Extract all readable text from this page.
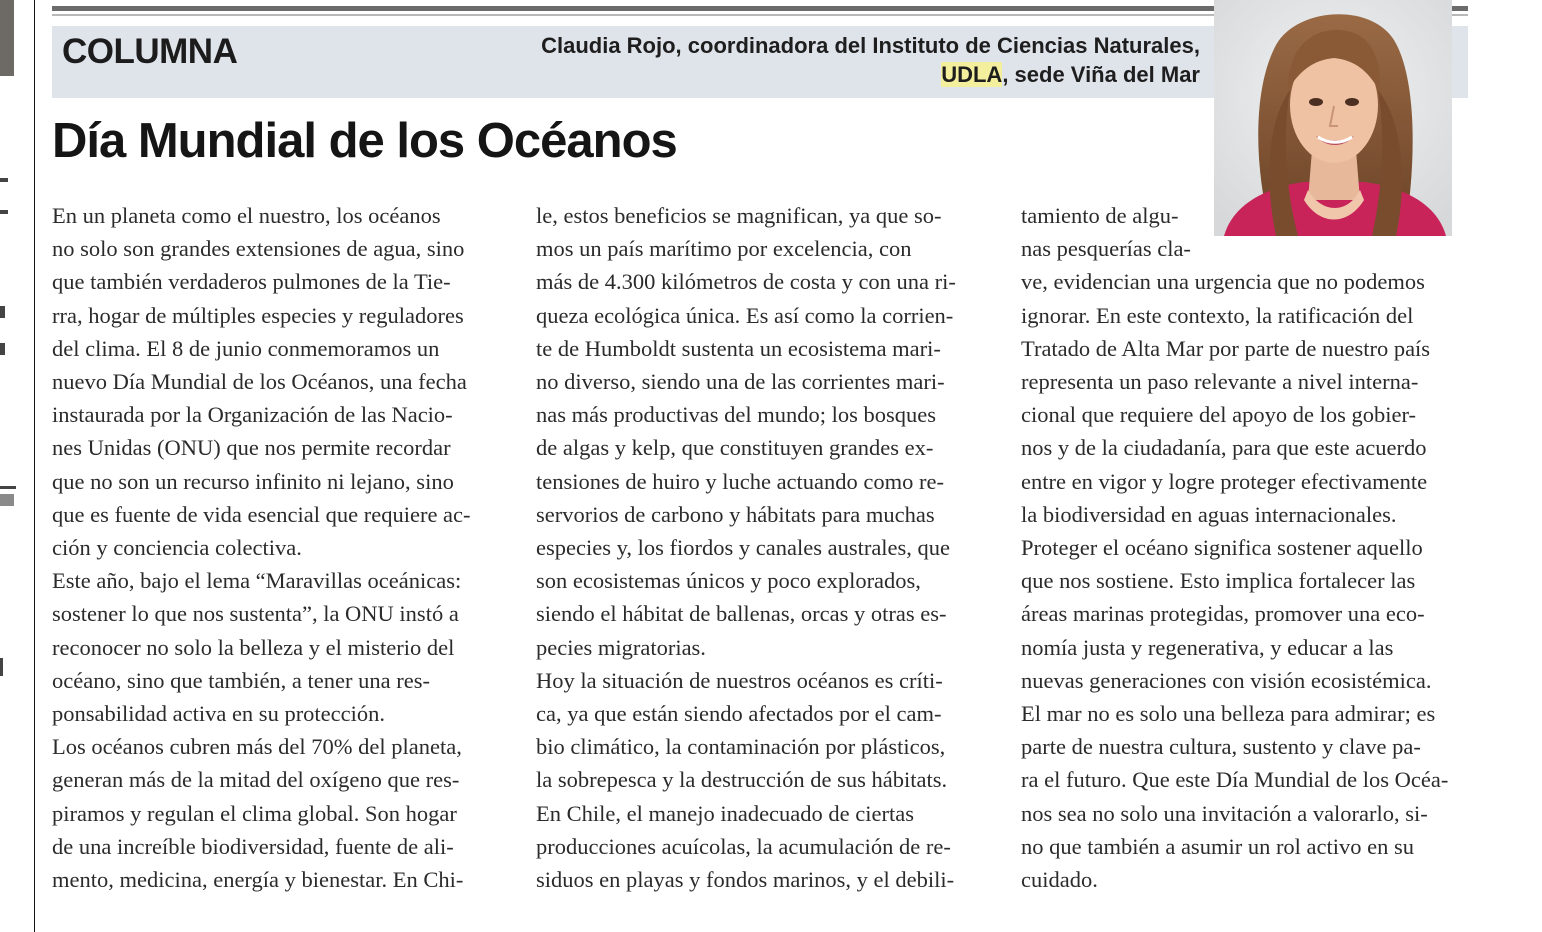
COLUMNA	Claudia Rojo, coordinadora del Instituto de Ciencias Naturales,
UDLA, sede Viña del Mar
Día Mundial de los Océanos
En un planeta como el nuestro, los océanos
no solo son grandes extensiones de agua, sino
que también verdaderos pulmones de la Tie-
rra, hogar de múltiples especies y reguladores
del clima. El 8 de junio conmemoramos un
nuevo Día Mundial de los Océanos, una fecha
instaurada por la Organización de las Nacio-
nes Unidas (ONU) que nos permite recordar
que no son un recurso infinito ni lejano, sino
que es fuente de vida esencial que requiere ac-
ción y conciencia colectiva.
Este año, bajo el lema “Maravillas oceánicas:
sostener lo que nos sustenta”, la ONU instó a
reconocer no solo la belleza y el misterio del
océano, sino que también, a tener una res-
ponsabilidad activa en su protección.
Los océanos cubren más del 70% del planeta,
generan más de la mitad del oxígeno que res-
piramos y regulan el clima global. Son hogar
de una increíble biodiversidad, fuente de ali-
mento, medicina, energía y bienestar. En Chi-
le, estos beneficios se magnifican, ya que so-
mos un país marítimo por excelencia, con
más de 4.300 kilómetros de costa y con una ri-
queza ecológica única. Es así como la corrien-
te de Humboldt sustenta un ecosistema mari-
no diverso, siendo una de las corrientes mari-
nas más productivas del mundo; los bosques
de algas y kelp, que constituyen grandes ex-
tensiones de huiro y luche actuando como re-
servorios de carbono y hábitats para muchas
especies y, los fiordos y canales australes, que
son ecosistemas únicos y poco explorados,
siendo el hábitat de ballenas, orcas y otras es-
pecies migratorias.
Hoy la situación de nuestros océanos es críti-
ca, ya que están siendo afectados por el cam-
bio climático, la contaminación por plásticos,
la sobrepesca y la destrucción de sus hábitats.
En Chile, el manejo inadecuado de ciertas
producciones acuícolas, la acumulación de re-
siduos en playas y fondos marinos, y el debili-
tamiento de algu-
nas pesquerías cla-
ve, evidencian una urgencia que no podemos
ignorar. En este contexto, la ratificación del
Tratado de Alta Mar por parte de nuestro país
representa un paso relevante a nivel interna-
cional que requiere del apoyo de los gobier-
nos y de la ciudadanía, para que este acuerdo
entre en vigor y logre proteger efectivamente
la biodiversidad en aguas internacionales.
Proteger el océano significa sostener aquello
que nos sostiene. Esto implica fortalecer las
áreas marinas protegidas, promover una eco-
nomía justa y regenerativa, y educar a las
nuevas generaciones con visión ecosistémica.
El mar no es solo una belleza para admirar; es
parte de nuestra cultura, sustento y clave pa-
ra el futuro. Que este Día Mundial de los Océa-
nos sea no solo una invitación a valorarlo, si-
no que también a asumir un rol activo en su
cuidado.
